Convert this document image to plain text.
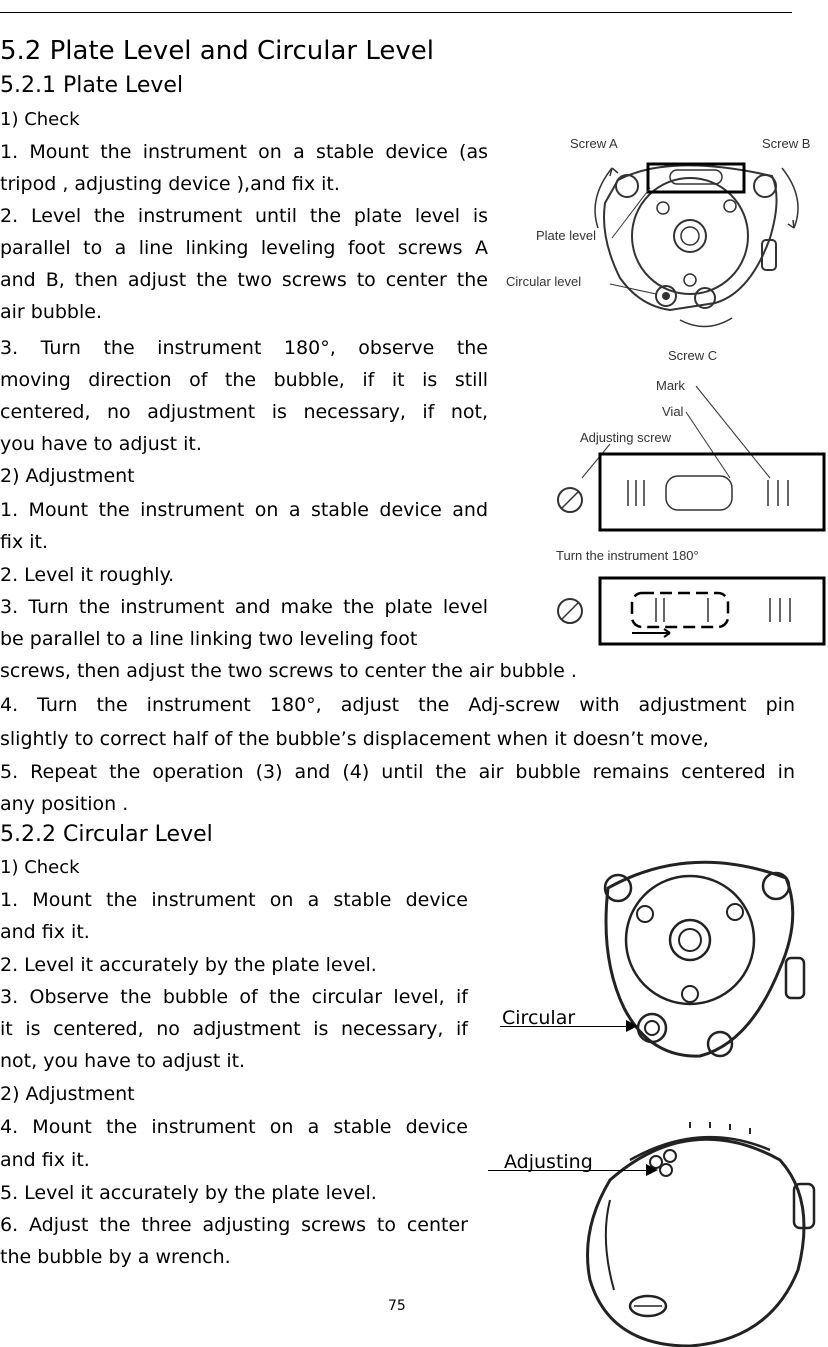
5.2 Plate Level and Circular Level
5.2.1 Plate Level
1) Check
1. Mount the instrument on a stable device (as
tripod , adjusting device ),and fix it.
2. Level the instrument until the plate level is
parallel to a line linking leveling foot screws A
and B, then adjust the two screws to center the
air bubble.
3. Turn the instrument 180°, observe the
moving direction of the bubble, if it is still
centered, no adjustment is necessary, if not,
you have to adjust it.
2) Adjustment
1. Mount the instrument on a stable device and
fix it.
2. Level it roughly.
3. Turn the instrument and make the plate level
be parallel to a line linking two leveling foot
screws, then adjust the two screws to center the air bubble .
4. Turn the instrument 180°, adjust the Adj-screw with adjustment pin
slightly to correct half of the bubble’s displacement when it doesn’t move,
5. Repeat the operation (3) and (4) until the air bubble remains centered in
any position .
5.2.2 Circular Level
1) Check
1. Mount the instrument on a stable device
and fix it.
2. Level it accurately by the plate level.
3. Observe the bubble of the circular level, if
it is centered, no adjustment is necessary, if
not, you have to adjust it.
2) Adjustment
4. Mount the instrument on a stable device
and fix it.
5. Level it accurately by the plate level.
6. Adjust the three adjusting screws to center
the bubble by a wrench.
75
Screw A	Screw B
Plate level
Circular level
Screw C
Mark
Vial
Adjusting screw
Turn the instrument 180°
Circular
Adjusting
